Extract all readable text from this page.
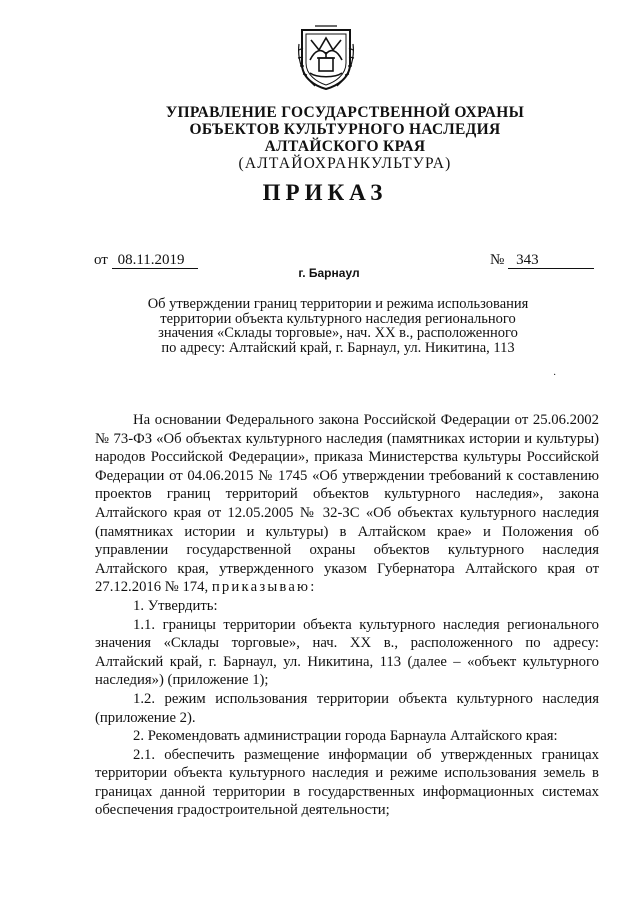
УПРАВЛЕНИЕ ГОСУДАРСТВЕННОЙ ОХРАНЫ
ОБЪЕКТОВ КУЛЬТУРНОГО НАСЛЕДИЯ
АЛТАЙСКОГО КРАЯ
(АЛТАЙОХРАНКУЛЬТУРА)
ПРИКАЗ
от 08.11.2019	№ 343
г. Барнаул
Об утверждении границ территории и режима использования
территории объекта культурного наследия регионального
значения «Склады торговые», нач. XX в., расположенного
по адресу: Алтайский край, г. Барнаул, ул. Никитина, 113
·

На основании Федерального закона Российской Федерации от 25.06.2002 № 73-ФЗ «Об объектах культурного наследия (памятниках истории и культуры) народов Российской Федерации», приказа Министерства культуры Российской Федерации от 04.06.2015 № 1745 «Об утверждении требований к составлению проектов границ территорий объектов культурного наследия», закона Алтайского края от 12.05.2005 № 32-ЗС «Об объектах культурного наследия (памятниках истории и культуры) в Алтайском крае» и Положения об управлении государственной охраны объектов культурного наследия Алтайского края, утвержденного указом Губернатора Алтайского края от 27.12.2016 № 174, приказываю:

1. Утвердить:

1.1. границы территории объекта культурного наследия регионального значения «Склады торговые», нач. XX в., расположенного по адресу: Алтайский край, г. Барнаул, ул. Никитина, 113 (далее – «объект культурного наследия») (приложение 1);

1.2. режим использования территории объекта культурного наследия (приложение 2).

2. Рекомендовать администрации города Барнаула Алтайского края:

2.1. обеспечить размещение информации об утвержденных границах территории объекта культурного наследия и режиме использования земель в границах данной территории в государственных информационных системах обеспечения градостроительной деятельности;
